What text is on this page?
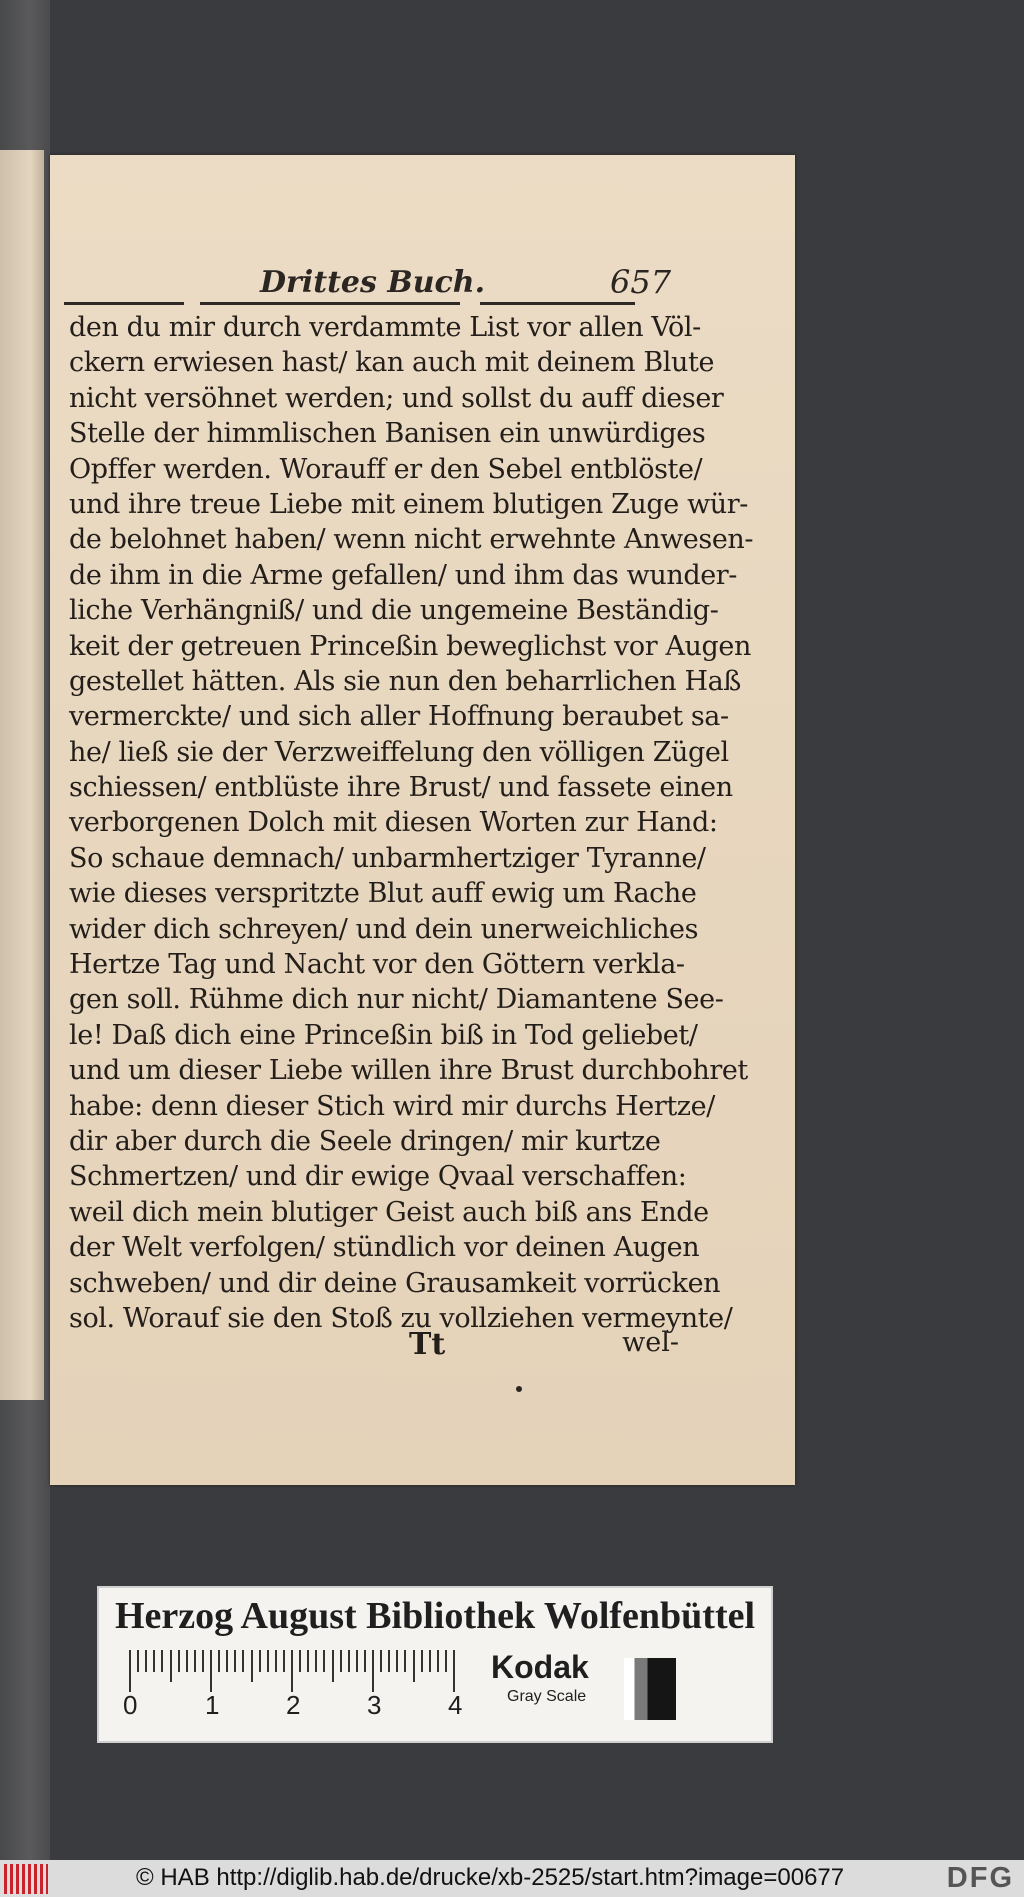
Drittes Buch.	657
den du mir durch verdammte List vor allen Völ-
ckern erwiesen hast/ kan auch mit deinem Blute
nicht versöhnet werden; und sollst du auff dieser
Stelle der himmlischen Banisen ein unwürdiges
Opffer werden. Worauff er den Sebel entblöste/
und ihre treue Liebe mit einem blutigen Zuge wür-
de belohnet haben/ wenn nicht erwehnte Anwesen-
de ihm in die Arme gefallen/ und ihm das wunder-
liche Verhängniß/ und die ungemeine Beständig-
keit der getreuen Princeßin beweglichst vor Augen
gestellet hätten. Als sie nun den beharrlichen Haß
vermerckte/ und sich aller Hoffnung beraubet sa-
he/ ließ sie der Verzweiffelung den völligen Zügel
schiessen/ entblüste ihre Brust/ und fassete einen
verborgenen Dolch mit diesen Worten zur Hand:
So schaue demnach/ unbarmhertziger Tyranne/
wie dieses verspritzte Blut auff ewig um Rache
wider dich schreyen/ und dein unerweichliches
Hertze Tag und Nacht vor den Göttern verkla-
gen soll. Rühme dich nur nicht/ Diamantene See-
le! Daß dich eine Princeßin biß in Tod geliebet/
und um dieser Liebe willen ihre Brust durchbohret
habe: denn dieser Stich wird mir durchs Hertze/
dir aber durch die Seele dringen/ mir kurtze
Schmertzen/ und dir ewige Qvaal verschaffen:
weil dich mein blutiger Geist auch biß ans Ende
der Welt verfolgen/ stündlich vor deinen Augen
schweben/ und dir deine Grausamkeit vorrücken
sol. Worauf sie den Stoß zu vollziehen vermeynte/
Tt	wel-
Herzog August Bibliothek Wolfenbüttel
0	1	2	3	4
Kodak
Gray Scale
© HAB http://diglib.hab.de/drucke/xb-2525/start.htm?image=00677	DFG
